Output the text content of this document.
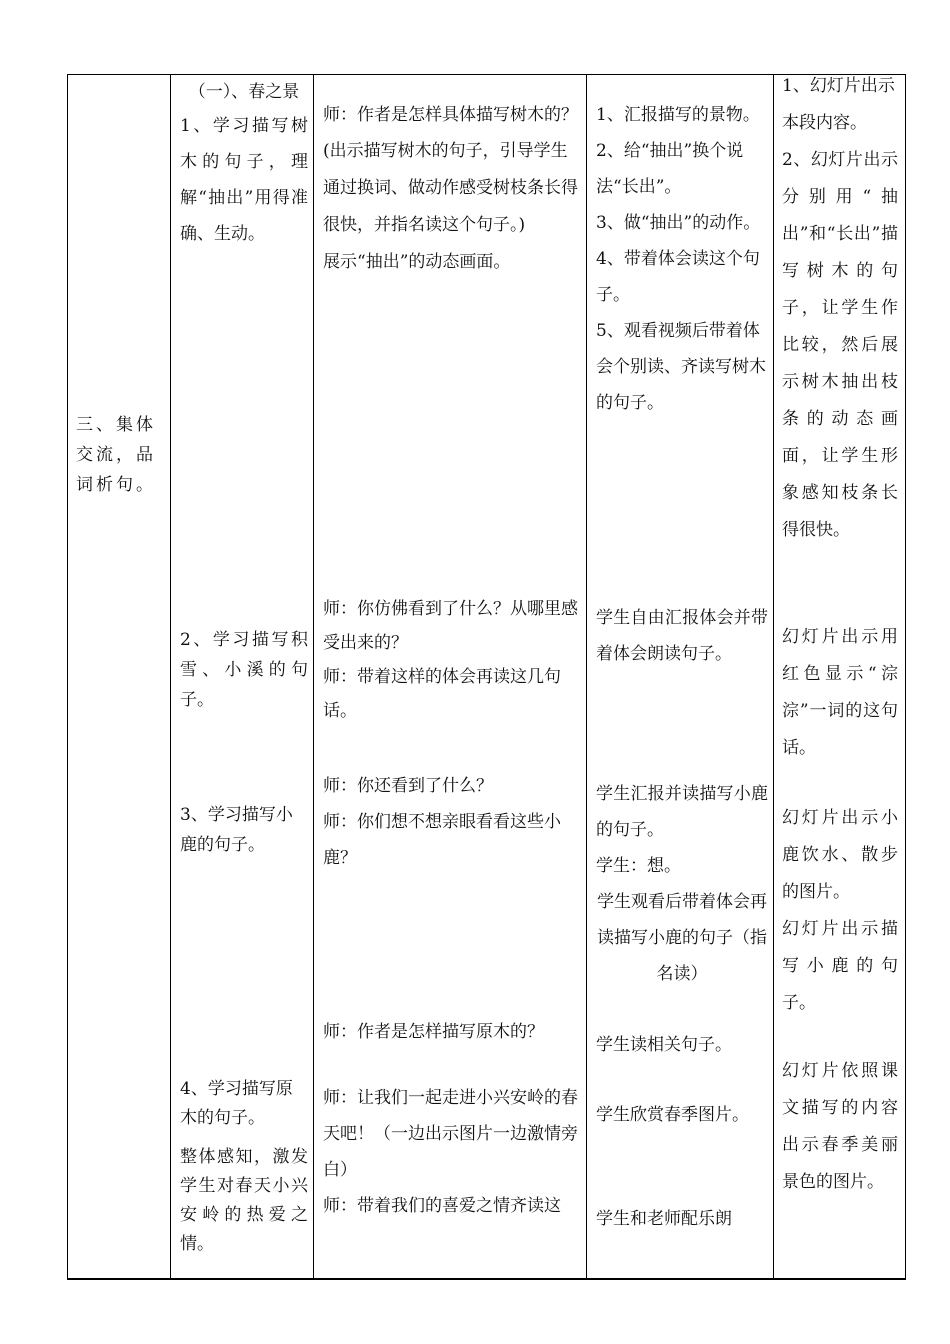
三、集体交流，品词析句。

（一）、春之景

1、学习描写树木的句子，理解“抽出”用得准确、生动。

师：作者是怎样具体描写树木的？

(出示描写树木的句子，引导学生通过换词、做动作感受树枝条长得很快，并指名读这个句子。)

展示“抽出”的动态画面。

1、汇报描写的景物。

2、给“抽出”换个说法“长出”。

3、做“抽出”的动作。

4、带着体会读这个句子。

5、观看视频后带着体会个别读、齐读写树木的句子。

1、幻灯片出示本段内容。

2、幻灯片出示分别用“抽出”和“长出”描写树木的句子，让学生作比较，然后展示树木抽出枝条的动态画面，让学生形象感知枝条长得很快。

2、学习描写积雪、小溪的句子。

师：你仿佛看到了什么？从哪里感受出来的？

师：带着这样的体会再读这几句话。

学生自由汇报体会并带着体会朗读句子。

幻灯片出示用红色显示“淙淙”一词的这句话。

3、学习描写小鹿的句子。

师：你还看到了什么？

师：你们想不想亲眼看看这些小鹿？

学生汇报并读描写小鹿的句子。

学生：想。

学生观看后带着体会再读描写小鹿的句子（指名读）

幻灯片出示小鹿饮水、散步的图片。

幻灯片出示描写小鹿的句子。

4、学习描写原木的句子。

整体感知，激发学生对春天小兴安岭的热爱之情。

师：作者是怎样描写原木的？

师：让我们一起走进小兴安岭的春天吧！（一边出示图片一边激情旁白）

师：带着我们的喜爱之情齐读这

学生读相关句子。

学生欣赏春季图片。

学生和老师配乐朗

幻灯片依照课文描写的内容出示春季美丽景色的图片。
